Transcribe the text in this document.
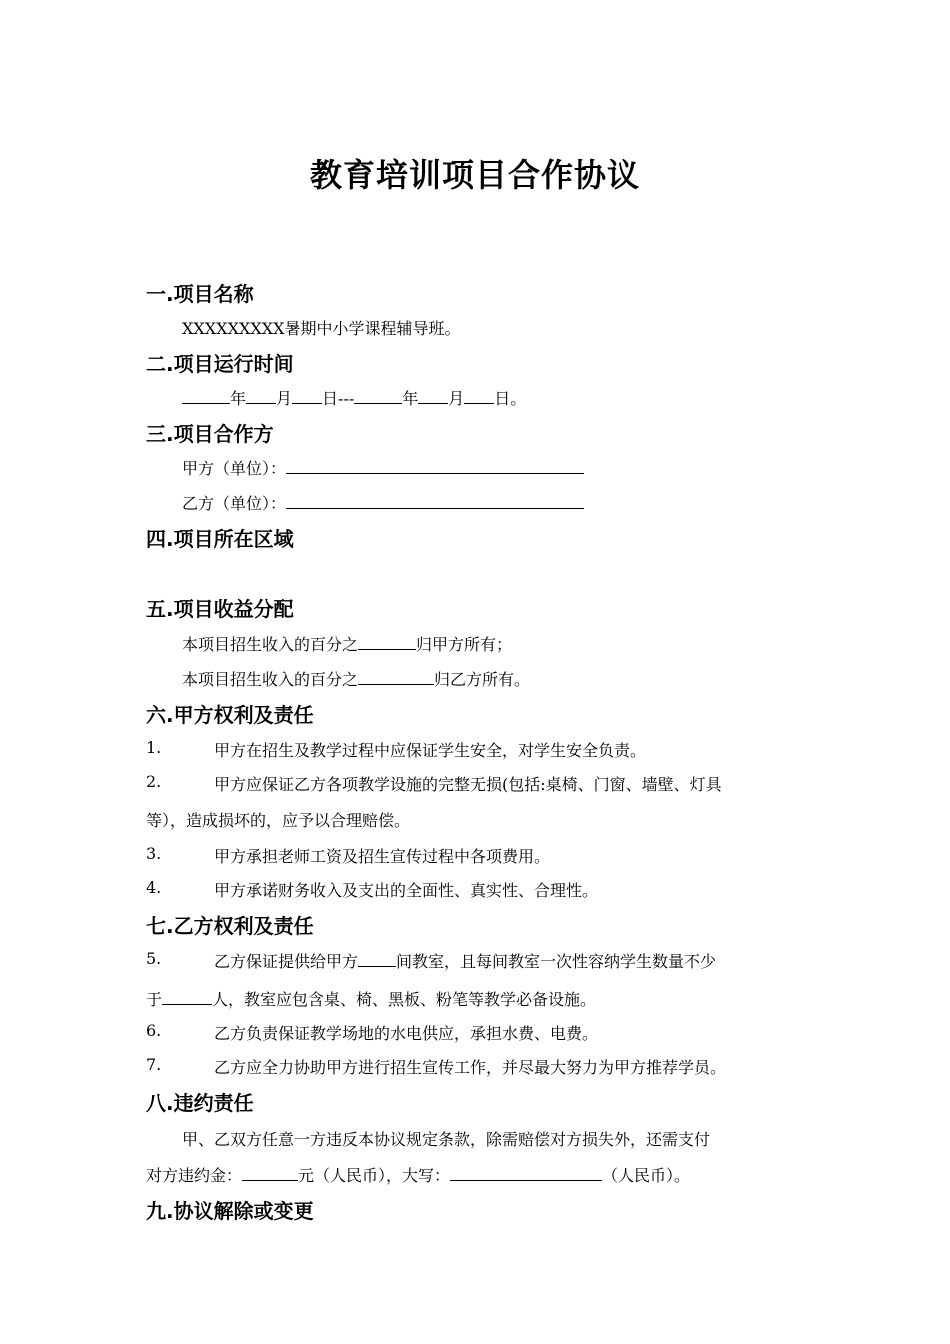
教育培训项目合作协议
一.项目名称
XXXXXXXXX暑期中小学课程辅导班。
二.项目运行时间
年 月 日---	年 月 日。
三.项目合作方
甲方（单位）：
乙方（单位）：
四.项目所在区域
五.项目收益分配
本项目招生收入的百分之	归甲方所有；
本项目招生收入的百分之	归乙方所有。
六.甲方权利及责任
1.	甲方在招生及教学过程中应保证学生安全，对学生安全负责。
2.	甲方应保证乙方各项教学设施的完整无损(包括:桌椅、门窗、墙壁、灯具
等），造成损坏的，应予以合理赔偿。
3.	甲方承担老师工资及招生宣传过程中各项费用。
4.	甲方承诺财务收入及支出的全面性、真实性、合理性。
七.乙方权利及责任
5.	乙方保证提供给甲方 间教室，且每间教室一次性容纳学生数量不少
于	人，教室应包含桌、椅、黑板、粉笔等教学必备设施。
6.	乙方负责保证教学场地的水电供应，承担水费、电费。
7.	乙方应全力协助甲方进行招生宣传工作，并尽最大努力为甲方推荐学员。
八.违约责任
甲、乙双方任意一方违反本协议规定条款，除需赔偿对方损失外，还需支付
对方违约金：	元（人民币），大写：	（人民币）。
九.协议解除或变更
